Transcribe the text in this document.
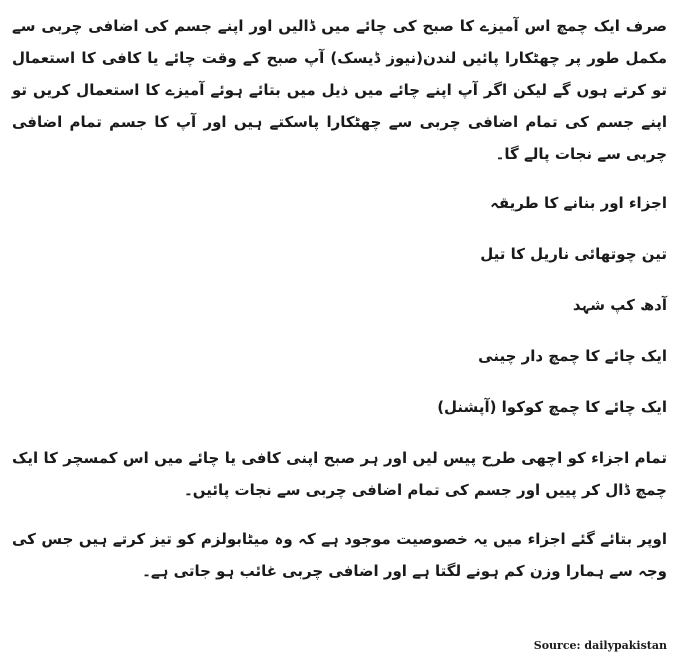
صرف ایک چمچ اس آمیزے کا صبح کی چائے میں ڈالیں اور اپنے جسم کی اضافی چربی سے مکمل طور پر چھٹکارا پائیں لندن(نیوز ڈیسک) آپ صبح کے وقت چائے یا کافی کا استعمال تو کرتے ہوں گے لیکن اگر آپ اپنے چائے میں ذیل میں بتائے ہوئے آمیزے کا استعمال کریں تو اپنے جسم کی تمام اضافی چربی سے چھٹکارا پاسکتے ہیں اور آپ کا جسم تمام اضافی چربی سے نجات پالے گا۔

اجزاء اور بنانے کا طریقہ

تین چوتھائی ناریل کا تیل

آدھ کپ شہد

ایک چائے کا چمچ دار چینی

ایک چائے کا چمچ کوکوا (آپشنل)

تمام اجزاء کو اچھی طرح پیس لیں اور ہر صبح اپنی کافی یا چائے میں اس کمسچر کا ایک چمچ ڈال کر پییں اور جسم کی تمام اضافی چربی سے نجات پائیں۔

اوپر بتائے گئے اجزاء میں یہ خصوصیت موجود ہے کہ وہ میٹابولزم کو تیز کرتے ہیں جس کی وجہ سے ہمارا وزن کم ہونے لگتا ہے اور اضافی چربی غائب ہو جاتی ہے۔

Source: dailypakistan
